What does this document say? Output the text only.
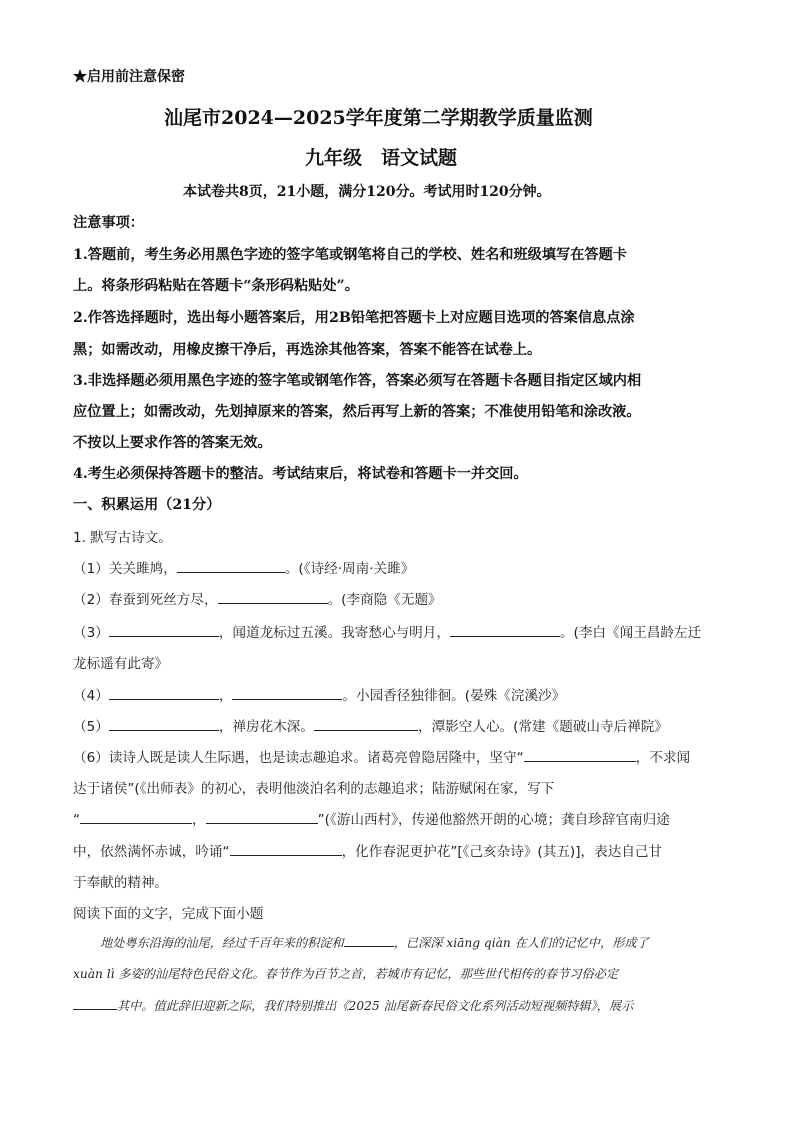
★启用前注意保密
汕尾市2024—2025学年度第二学期教学质量监测
九年级　语文试题
本试卷共8页，21小题，满分120分。考试用时120分钟。
注意事项：
1.答题前，考生务必用黑色字迹的签字笔或钢笔将自己的学校、姓名和班级填写在答题卡
上。将条形码粘贴在答题卡“条形码粘贴处”。
2.作答选择题时，选出每小题答案后，用2B铅笔把答题卡上对应题目选项的答案信息点涂
黑；如需改动，用橡皮擦干净后，再选涂其他答案，答案不能答在试卷上。
3.非选择题必须用黑色字迹的签字笔或钢笔作答，答案必须写在答题卡各题目指定区域内相
应位置上；如需改动，先划掉原来的答案，然后再写上新的答案；不准使用铅笔和涂改液。
不按以上要求作答的答案无效。
4.考生必须保持答题卡的整洁。考试结束后，将试卷和答题卡一并交回。
一、积累运用（21分）
1. 默写古诗文。
（1）关关雎鸠，	。(《诗经·周南·关雎》
（2）春蚕到死丝方尽，	。(李商隐《无题》
（3）	，闻道龙标过五溪。我寄愁心与明月，	。(李白《闻王昌龄左迁
龙标遥有此寄》
（4）	，	。小园香径独徘徊。(晏殊《浣溪沙》
（5）	，禅房花木深。	，潭影空人心。(常建《题破山寺后禅院》
（6）读诗人既是读人生际遇，也是读志趣追求。诸葛亮曾隐居隆中，坚守“	，不求闻
达于诸侯”(《出师表》的初心，表明他淡泊名利的志趣追求；陆游赋闲在家，写下
“	，	”(《游山西村》，传递他豁然开朗的心境；龚自珍辞官南归途
中，依然满怀赤诚，吟诵“	，化作春泥更护花”[《己亥杂诗》(其五)]，表达自己甘
于奉献的精神。
阅读下面的文字，完成下面小题
地处粤东沿海的汕尾，经过千百年来的积淀和	，已深深 xiāng qiàn 在人们的记忆中，形成了
xuàn lì 多姿的汕尾特色民俗文化。春节作为百节之首，若城市有记忆，那些世代相传的春节习俗必定
其中。值此辞旧迎新之际，我们特别推出《2025 汕尾新春民俗文化系列活动短视频特辑》，展示
